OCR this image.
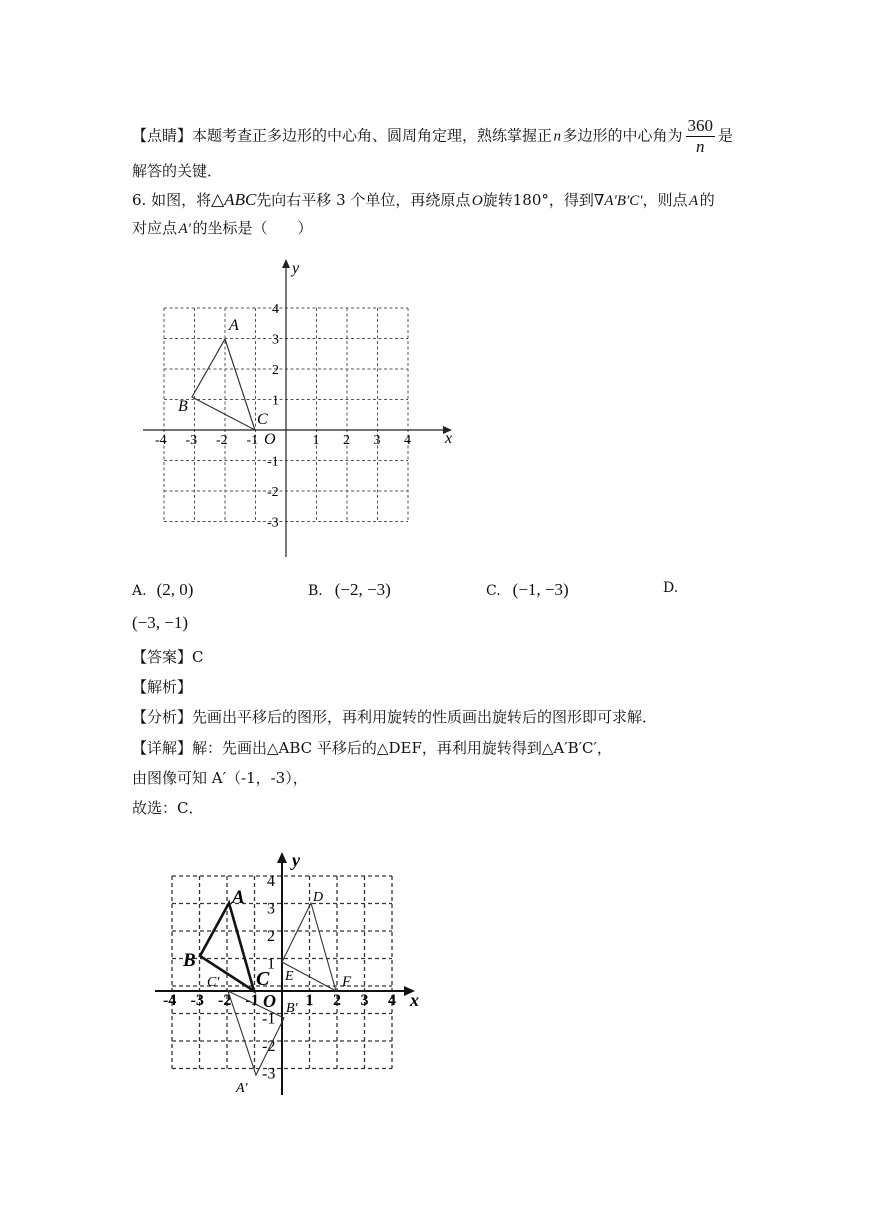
【点睛】本题考查正多边形的中心角、圆周角定理，熟练掌握正  n  多边形的中心角为 $\frac{360}{n}$ 是
解答的关键．
6. 如图，将△ABC先向右平移 3 个单位，再绕原点  O旋转180°，得到∇A′B′C′，则点  A  的
对应点  A′  的坐标是（　　）
y
x
O
-4 -3 -2 -1	1 2 3 4
4
3
2
1
-1
-2
-3
A
B
C
A. (2, 0)	B. (−2, −3)	C. (−1, −3)	D.
(−3, −1)
【答案】C
【解析】
【分析】先画出平移后的图形，再利用旋转的性质画出旋转后的图形即可求解．
【详解】解：先画出△ABC 平移后的△DEF，再利用旋转得到△A′B′C′，
由图像可知 A′（-1，-3），
故选：C．
y
x
O
-4 -3 -2 -1	1 2 3 4
4
3
2
1
-1
-2
-3
A
B
C
D
E	F
A′
B′
C′
